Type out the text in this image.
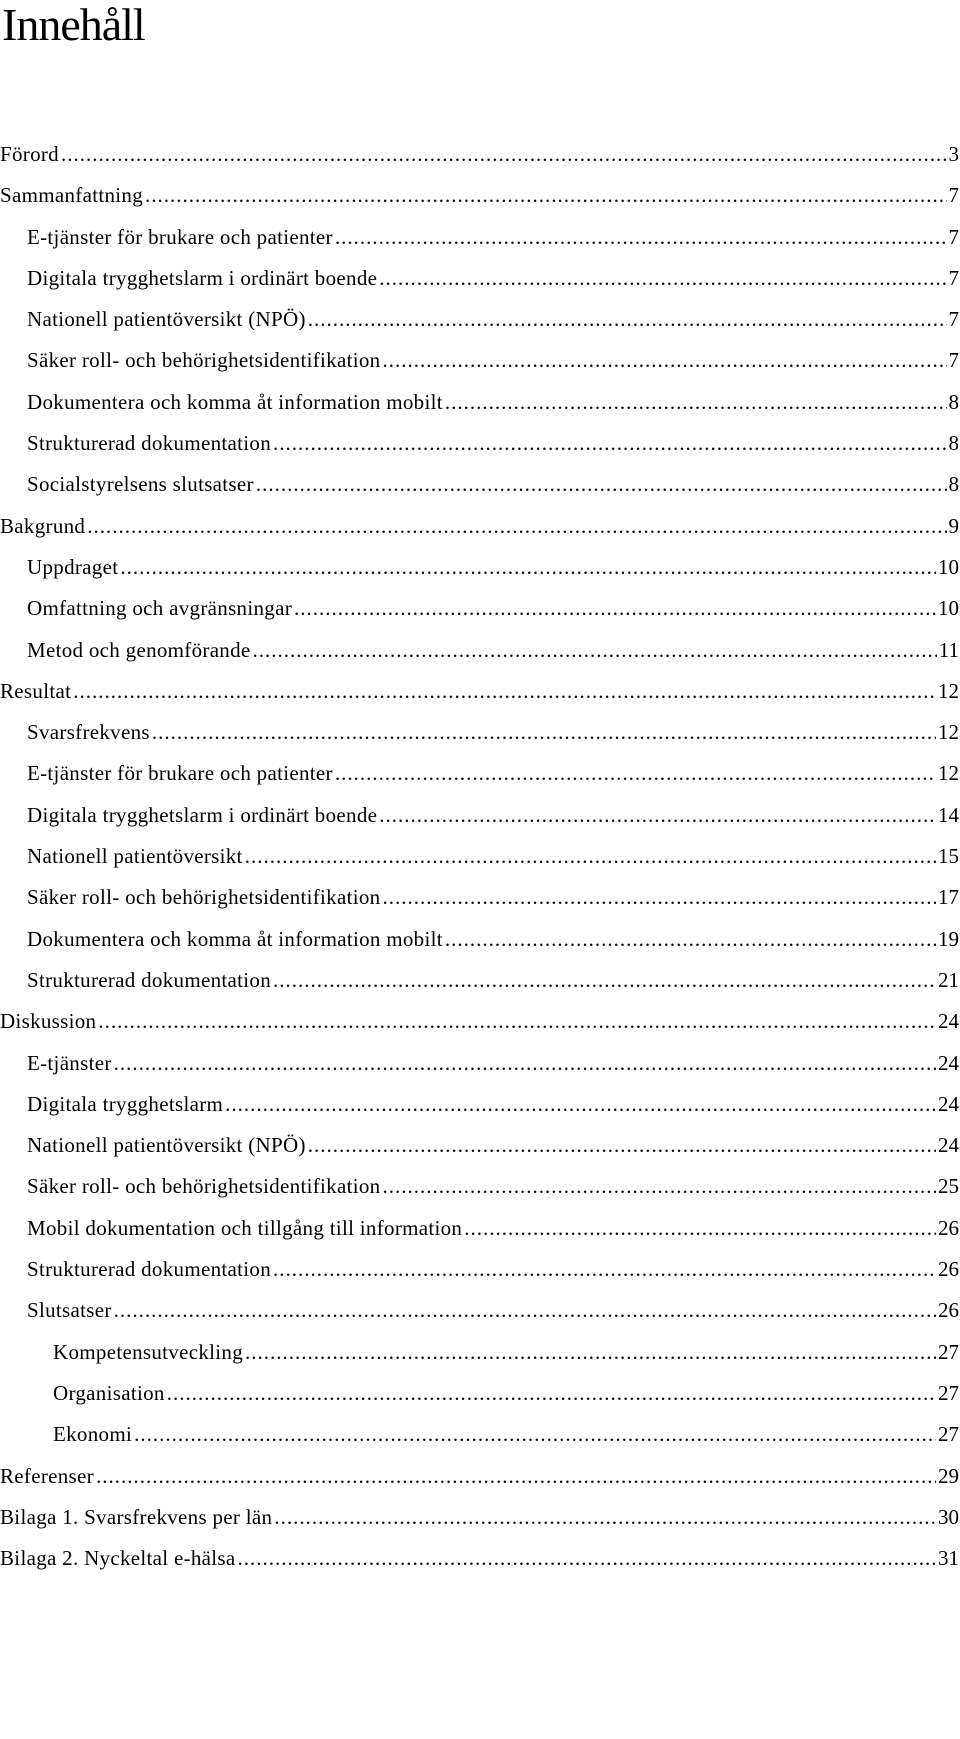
Innehåll
Förord .....	3
Sammanfattning .....	7
E-tjänster för brukare och patienter .....	7
Digitala trygghetslarm i ordinärt boende .....	7
Nationell patientöversikt (NPÖ) .....	7
Säker roll- och behörighetsidentifikation .....	7
Dokumentera och komma åt information mobilt .....	8
Strukturerad dokumentation .....	8
Socialstyrelsens slutsatser .....	8
Bakgrund .....	9
Uppdraget .....	10
Omfattning och avgränsningar .....	10
Metod och genomförande .....	11
Resultat .....	12
Svarsfrekvens .....	12
E-tjänster för brukare och patienter .....	12
Digitala trygghetslarm i ordinärt boende .....	14
Nationell patientöversikt .....	15
Säker roll- och behörighetsidentifikation .....	17
Dokumentera och komma åt information mobilt .....	19
Strukturerad dokumentation .....	21
Diskussion .....	24
E-tjänster .....	24
Digitala trygghetslarm .....	24
Nationell patientöversikt (NPÖ) .....	24
Säker roll- och behörighetsidentifikation .....	25
Mobil dokumentation och tillgång till information .....	26
Strukturerad dokumentation .....	26
Slutsatser .....	26
Kompetensutveckling .....	27
Organisation .....	27
Ekonomi .....	27
Referenser .....	29
Bilaga 1. Svarsfrekvens per län .....	30
Bilaga 2. Nyckeltal e-hälsa .....	31
